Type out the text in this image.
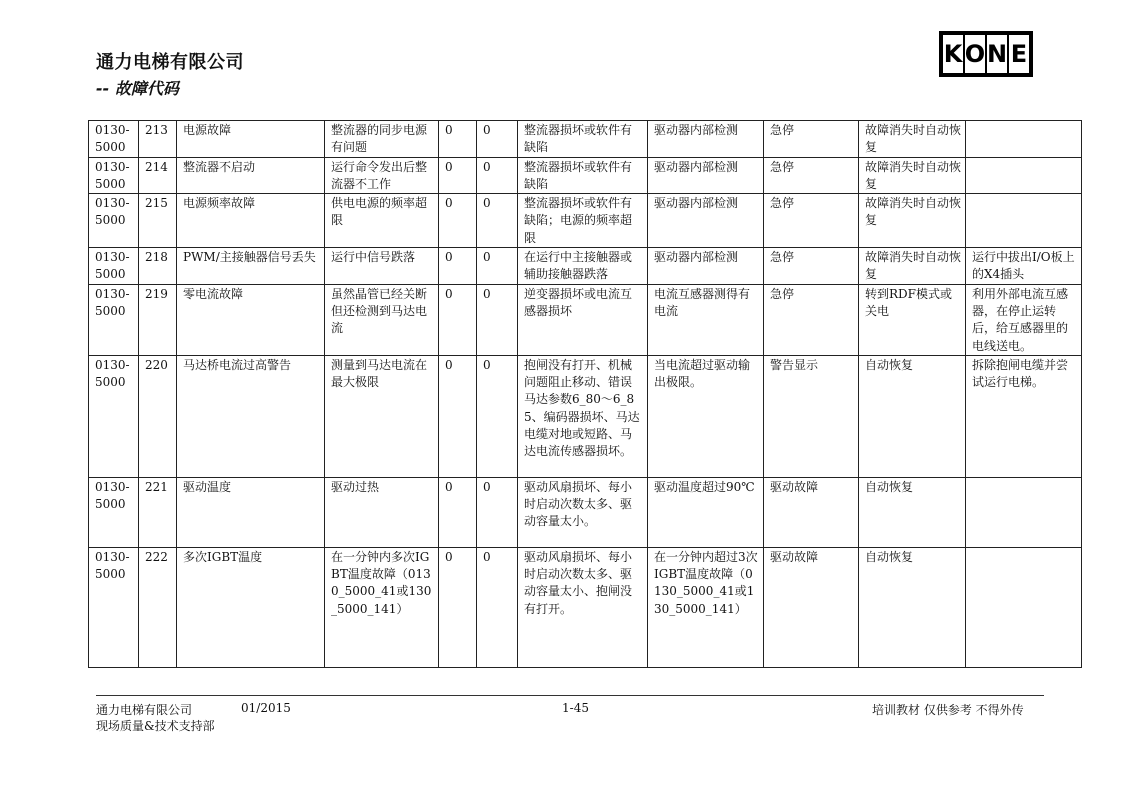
通力电梯有限公司
-- 故障代码
K O N E
0130-5000	213	电源故障	整流器的同步电源有问题	0	0	整流器损坏或软件有缺陷	驱动器内部检测	急停	故障消失时自动恢复	
0130-5000	214	整流器不启动	运行命令发出后整流器不工作	0	0	整流器损坏或软件有缺陷	驱动器内部检测	急停	故障消失时自动恢复	
0130-5000	215	电源频率故障	供电电源的频率超限	0	0	整流器损坏或软件有缺陷；电源的频率超限	驱动器内部检测	急停	故障消失时自动恢复	
0130-5000	218	PWM/主接触器信号丢失	运行中信号跌落	0	0	在运行中主接触器或辅助接触器跌落	驱动器内部检测	急停	故障消失时自动恢复	运行中拔出I/O板上的X4插头
0130-5000	219	零电流故障	虽然晶管已经关断但还检测到马达电流	0	0	逆变器损坏或电流互感器损坏	电流互感器测得有电流	急停	转到RDF模式或关电	利用外部电流互感器，在停止运转后，给互感器里的电线送电。
0130-5000	220	马达桥电流过高警告	测量到马达电流在最大极限	0	0	抱闸没有打开、机械问题阻止移动、错误马达参数6_80～6_85、编码器损坏、马达电缆对地或短路、马达电流传感器损坏。	当电流超过驱动输出极限。	警告显示	自动恢复	拆除抱闸电缆并尝试运行电梯。
0130-5000	221	驱动温度	驱动过热	0	0	驱动风扇损坏、每小时启动次数太多、驱动容量太小。	驱动温度超过90℃	驱动故障	自动恢复	
0130-5000	222	多次IGBT温度	在一分钟内多次IGBT温度故障（0130_5000_41或130_5000_141）	0	0	驱动风扇损坏、每小时启动次数太多、驱动容量太小、抱闸没有打开。	在一分钟内超过3次IGBT温度故障（0130_5000_41或130_5000_141）	驱动故障	自动恢复	
通力电梯有限公司	01/2015	1-45	培训教材 仅供参考 不得外传
现场质量&技术支持部
